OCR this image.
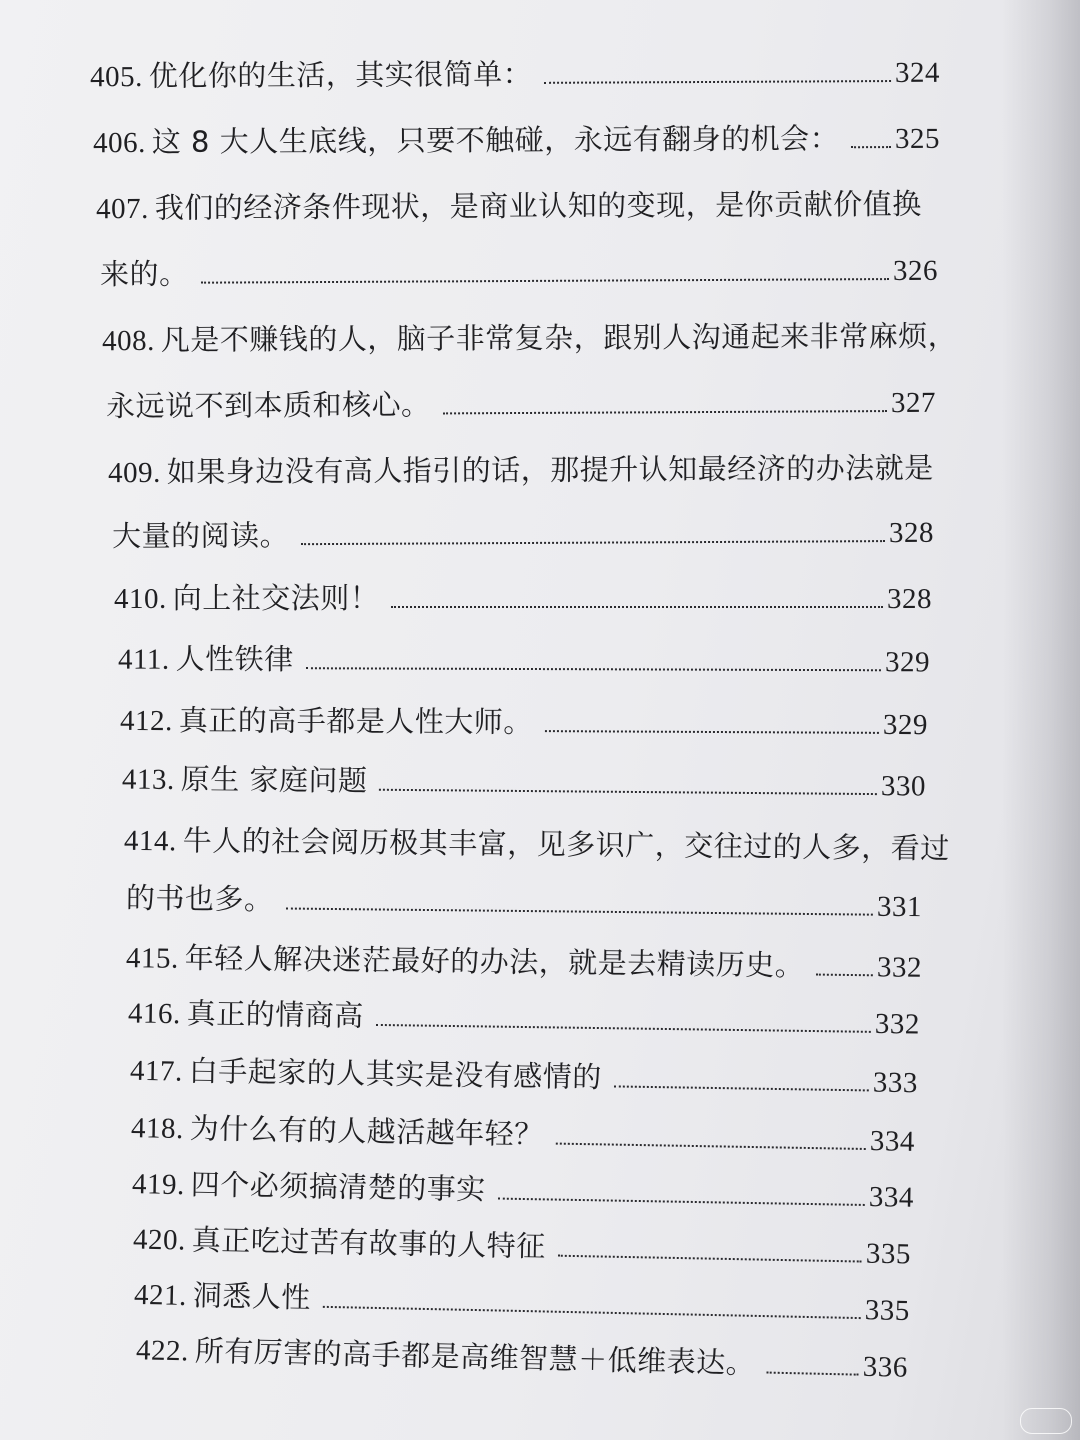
405. 优化你的生活，其实很简单：	324
406. 这 8 大人生底线，只要不触碰，永远有翻身的机会： 325
407. 我们的经济条件现状，是商业认知的变现，是你贡献价值换
来的。	326
408. 凡是不赚钱的人，脑子非常复杂，跟别人沟通起来非常麻烦，
永远说不到本质和核心。	327
409. 如果身边没有高人指引的话，那提升认知最经济的办法就是
大量的阅读。	328
410. 向上社交法则！	328
411. 人性铁律	329
412. 真正的高手都是人性大师。	329
413. 原生 家庭问题	330
414. 牛人的社会阅历极其丰富，见多识广，交往过的人多，看过
的书也多。	331
415. 年轻人解决迷茫最好的办法，就是去精读历史。 332
416. 真正的情商高	332
417. 白手起家的人其实是没有感情的	333
418. 为什么有的人越活越年轻？	334
419. 四个必须搞清楚的事实	334
420. 真正吃过苦有故事的人特征	335
421. 洞悉人性	335
422. 所有厉害的高手都是高维智慧＋低维表达。	336
